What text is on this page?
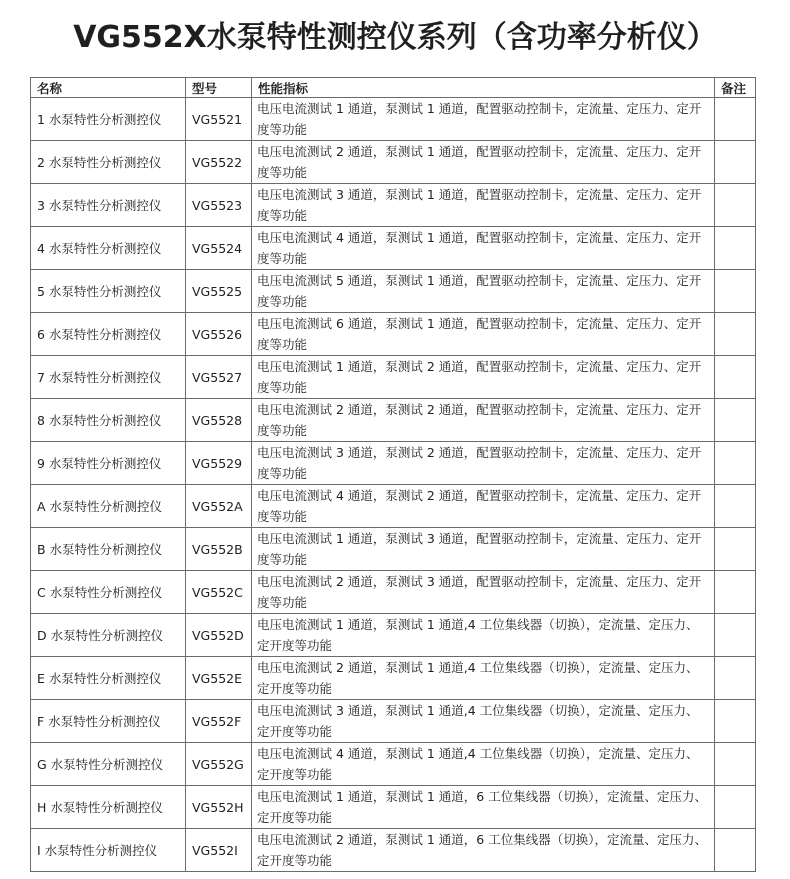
VG552X水泵特性测控仪系列（含功率分析仪）
名称	型号	性能指标	备注
1 水泵特性分析测控仪	VG5521	电压电流测试 1 通道，泵测试 1 通道，配置驱动控制卡，定流量、定压力、定开度等功能	
2 水泵特性分析测控仪	VG5522	电压电流测试 2 通道，泵测试 1 通道，配置驱动控制卡，定流量、定压力、定开度等功能	
3 水泵特性分析测控仪	VG5523	电压电流测试 3 通道，泵测试 1 通道，配置驱动控制卡，定流量、定压力、定开度等功能	
4 水泵特性分析测控仪	VG5524	电压电流测试 4 通道，泵测试 1 通道，配置驱动控制卡，定流量、定压力、定开度等功能	
5 水泵特性分析测控仪	VG5525	电压电流测试 5 通道，泵测试 1 通道，配置驱动控制卡，定流量、定压力、定开度等功能	
6 水泵特性分析测控仪	VG5526	电压电流测试 6 通道，泵测试 1 通道，配置驱动控制卡，定流量、定压力、定开度等功能	
7 水泵特性分析测控仪	VG5527	电压电流测试 1 通道，泵测试 2 通道，配置驱动控制卡，定流量、定压力、定开度等功能	
8 水泵特性分析测控仪	VG5528	电压电流测试 2 通道，泵测试 2 通道，配置驱动控制卡，定流量、定压力、定开度等功能	
9 水泵特性分析测控仪	VG5529	电压电流测试 3 通道，泵测试 2 通道，配置驱动控制卡，定流量、定压力、定开度等功能	
A 水泵特性分析测控仪	VG552A	电压电流测试 4 通道，泵测试 2 通道，配置驱动控制卡，定流量、定压力、定开度等功能	
B 水泵特性分析测控仪	VG552B	电压电流测试 1 通道，泵测试 3 通道，配置驱动控制卡，定流量、定压力、定开度等功能	
C 水泵特性分析测控仪	VG552C	电压电流测试 2 通道，泵测试 3 通道，配置驱动控制卡，定流量、定压力、定开度等功能	
D 水泵特性分析测控仪	VG552D	电压电流测试 1 通道，泵测试 1 通道,4 工位集线器（切换），定流量、定压力、定开度等功能	
E 水泵特性分析测控仪	VG552E	电压电流测试 2 通道，泵测试 1 通道,4 工位集线器（切换），定流量、定压力、定开度等功能	
F 水泵特性分析测控仪	VG552F	电压电流测试 3 通道，泵测试 1 通道,4 工位集线器（切换），定流量、定压力、定开度等功能	
G 水泵特性分析测控仪	VG552G	电压电流测试 4 通道，泵测试 1 通道,4 工位集线器（切换），定流量、定压力、定开度等功能	
H 水泵特性分析测控仪	VG552H	电压电流测试 1 通道，泵测试 1 通道，6 工位集线器（切换），定流量、定压力、定开度等功能	
I 水泵特性分析测控仪	VG552I	电压电流测试 2 通道，泵测试 1 通道，6 工位集线器（切换），定流量、定压力、定开度等功能	
